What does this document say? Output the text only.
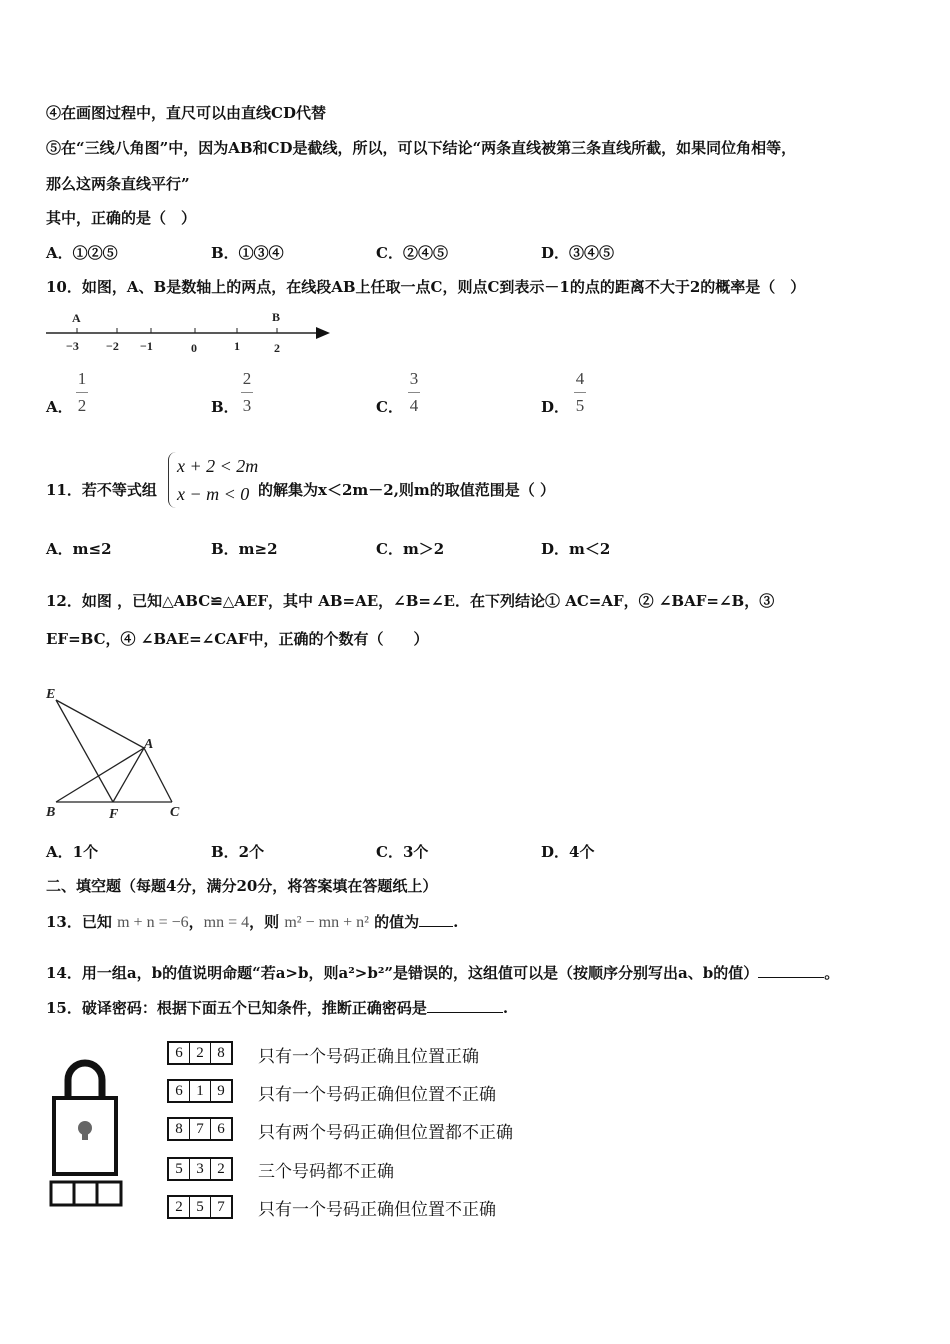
④在画图过程中，直尺可以由直线CD代替
⑤在“三线八角图”中，因为AB和CD是截线，所以，可以下结论“两条直线被第三条直线所截，如果同位角相等，
那么这两条直线平行”
其中，正确的是（　）
A．①②⑤	B．①③④	C．②④⑤	D．③④⑤
10．如图，A、B是数轴上的两点，在线段AB上任取一点C，则点C到表示－1的点的距离不大于2的概率是（　）
A	B
−3 −2 −1	0	1	2
A．
1
2	B．
2
3	C．
3
4	D．
4
5
11．若不等式组
x + 2 < 2m
x − m < 0 的解集为x＜2m－2,则m的取值范围是（ ）
A．m≤2	B．m≥2	C．m＞2	D．m＜2
12．如图 ，已知△ABC≌△AEF，其中 AB=AE，∠B=∠E．在下列结论① AC=AF，② ∠BAF=∠B，③
EF=BC，④ ∠BAE=∠CAF中，正确的个数有（　　）
E
A
B	F	C
A．1个	B．2个	C．3个	D．4个
二、填空题（每题4分，满分20分，将答案填在答题纸上）
13．已知 m + n = −6，mn = 4，则 m² − mn + n² 的值为 .
14．用一组a，b的值说明命题“若a>b，则a²>b²”是错误的，这组值可以是（按顺序分别写出a、b的值）	。
15．破译密码：根据下面五个已知条件，推断正确密码是	.
6 2 8	只有一个号码正确且位置正确
6 1 9	只有一个号码正确但位置不正确
8 7 6	只有两个号码正确但位置都不正确
5 3 2	三个号码都不正确
2 5 7	只有一个号码正确但位置不正确
